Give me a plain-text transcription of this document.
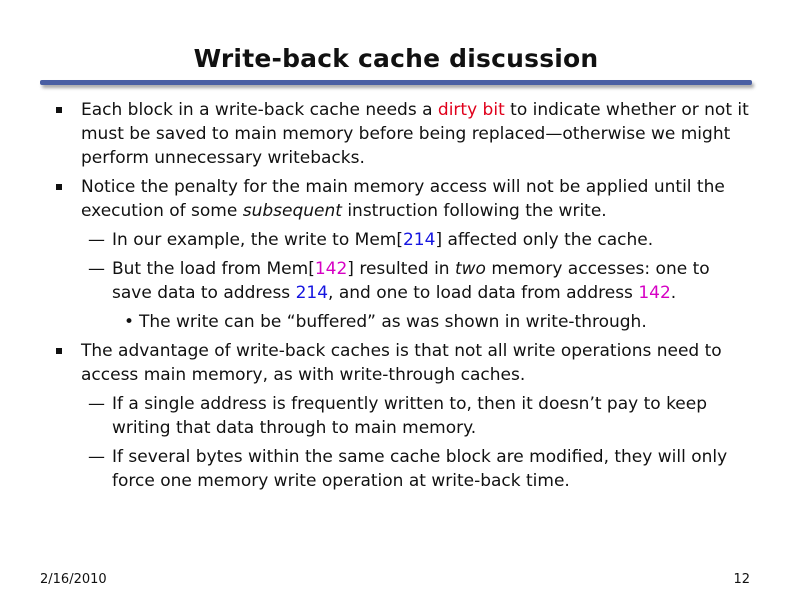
Write-back cache discussion
Each block in a write-back cache needs a dirty bit to indicate whether or not it must be saved to main memory before being replaced—otherwise we might perform unnecessary writebacks.
Notice the penalty for the main memory access will not be applied until the execution of some subsequent instruction following the write.
— In our example, the write to Mem[214] affected only the cache.
— But the load from Mem[142] resulted in two memory accesses: one to save data to address 214, and one to load data from address 142.
• The write can be “buffered” as was shown in write-through.
The advantage of write-back caches is that not all write operations need to access main memory, as with write-through caches.
— If a single address is frequently written to, then it doesn’t pay to keep writing that data through to main memory.
— If several bytes within the same cache block are modified, they will only force one memory write operation at write-back time.
2/16/2010	12
